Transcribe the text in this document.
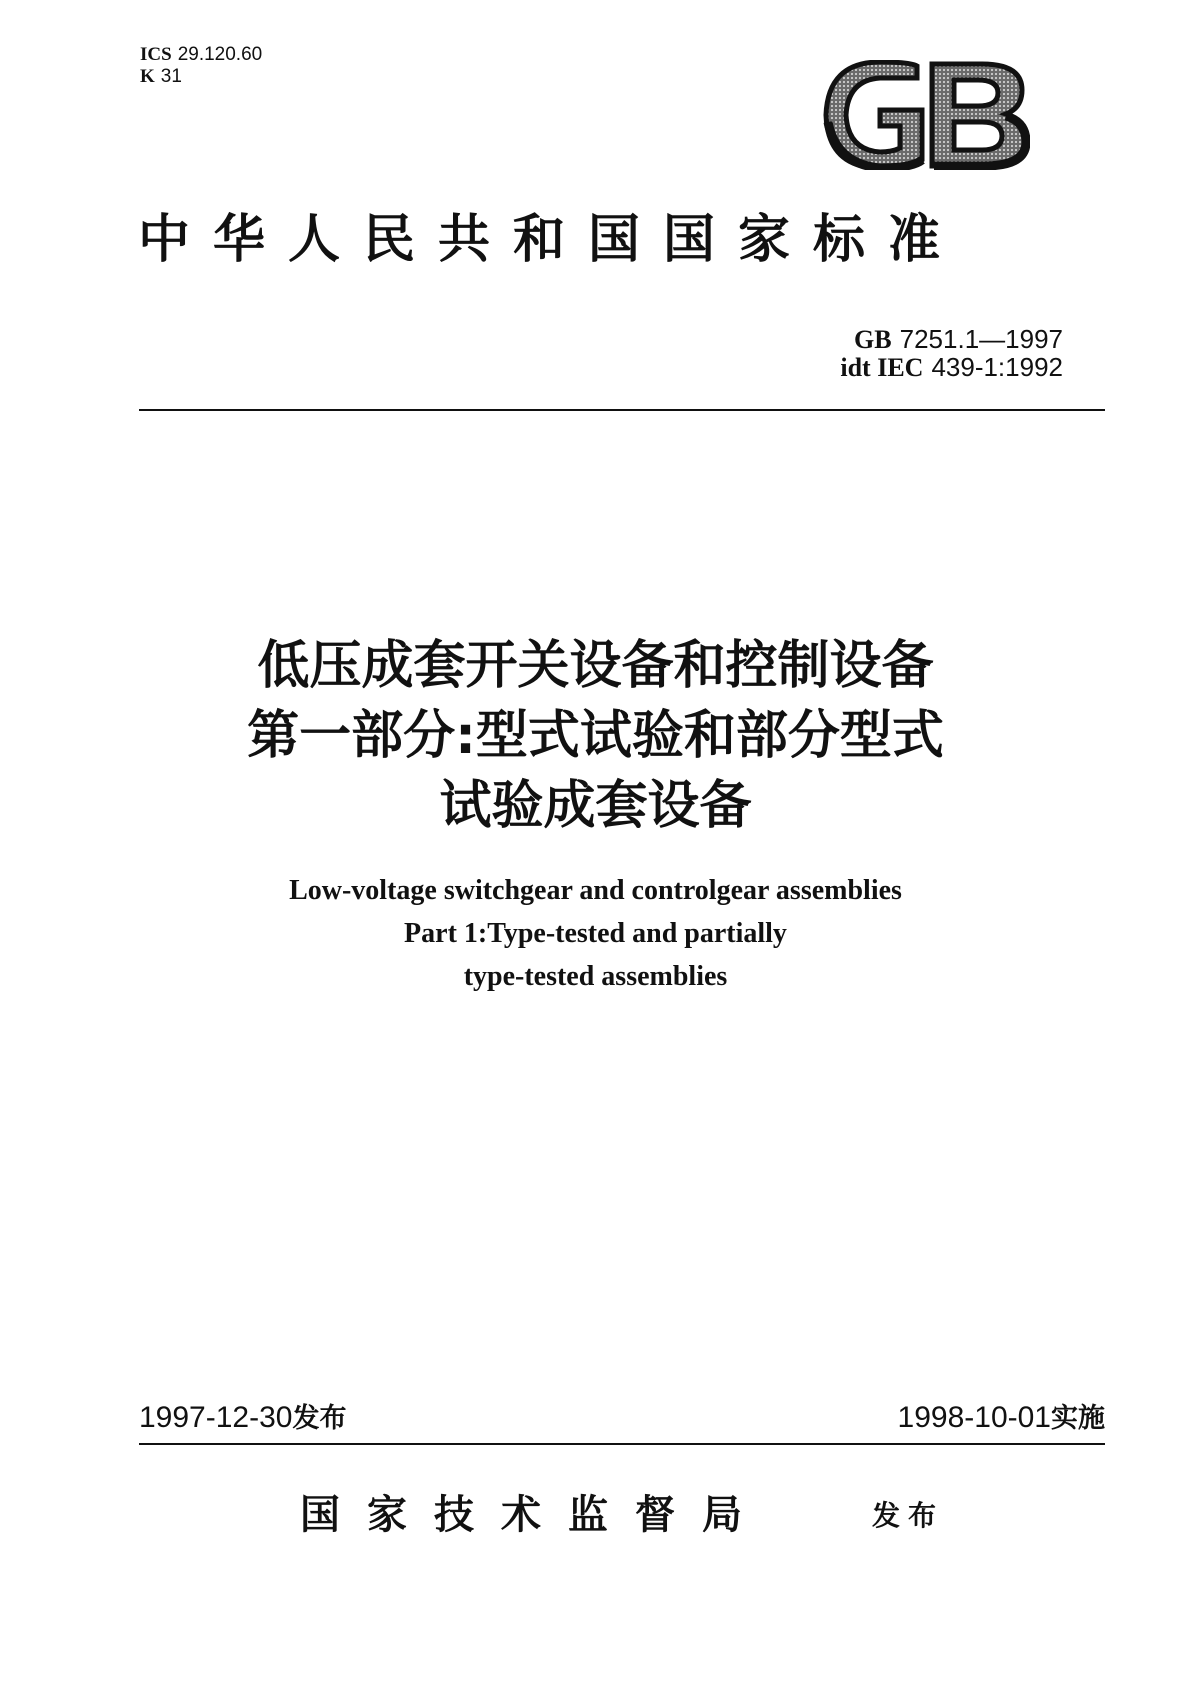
ICS 29.120.60
K 31
中华人民共和国国家标准
GB 7251.1—1997
idt IEC 439-1:1992
低压成套开关设备和控制设备
第一部分:型式试验和部分型式
试验成套设备
Low-voltage switchgear and controlgear assemblies
Part 1:Type-tested and partially
type-tested assemblies
1997-12-30发布	1998-10-01实施
国家技术监督局	发布
